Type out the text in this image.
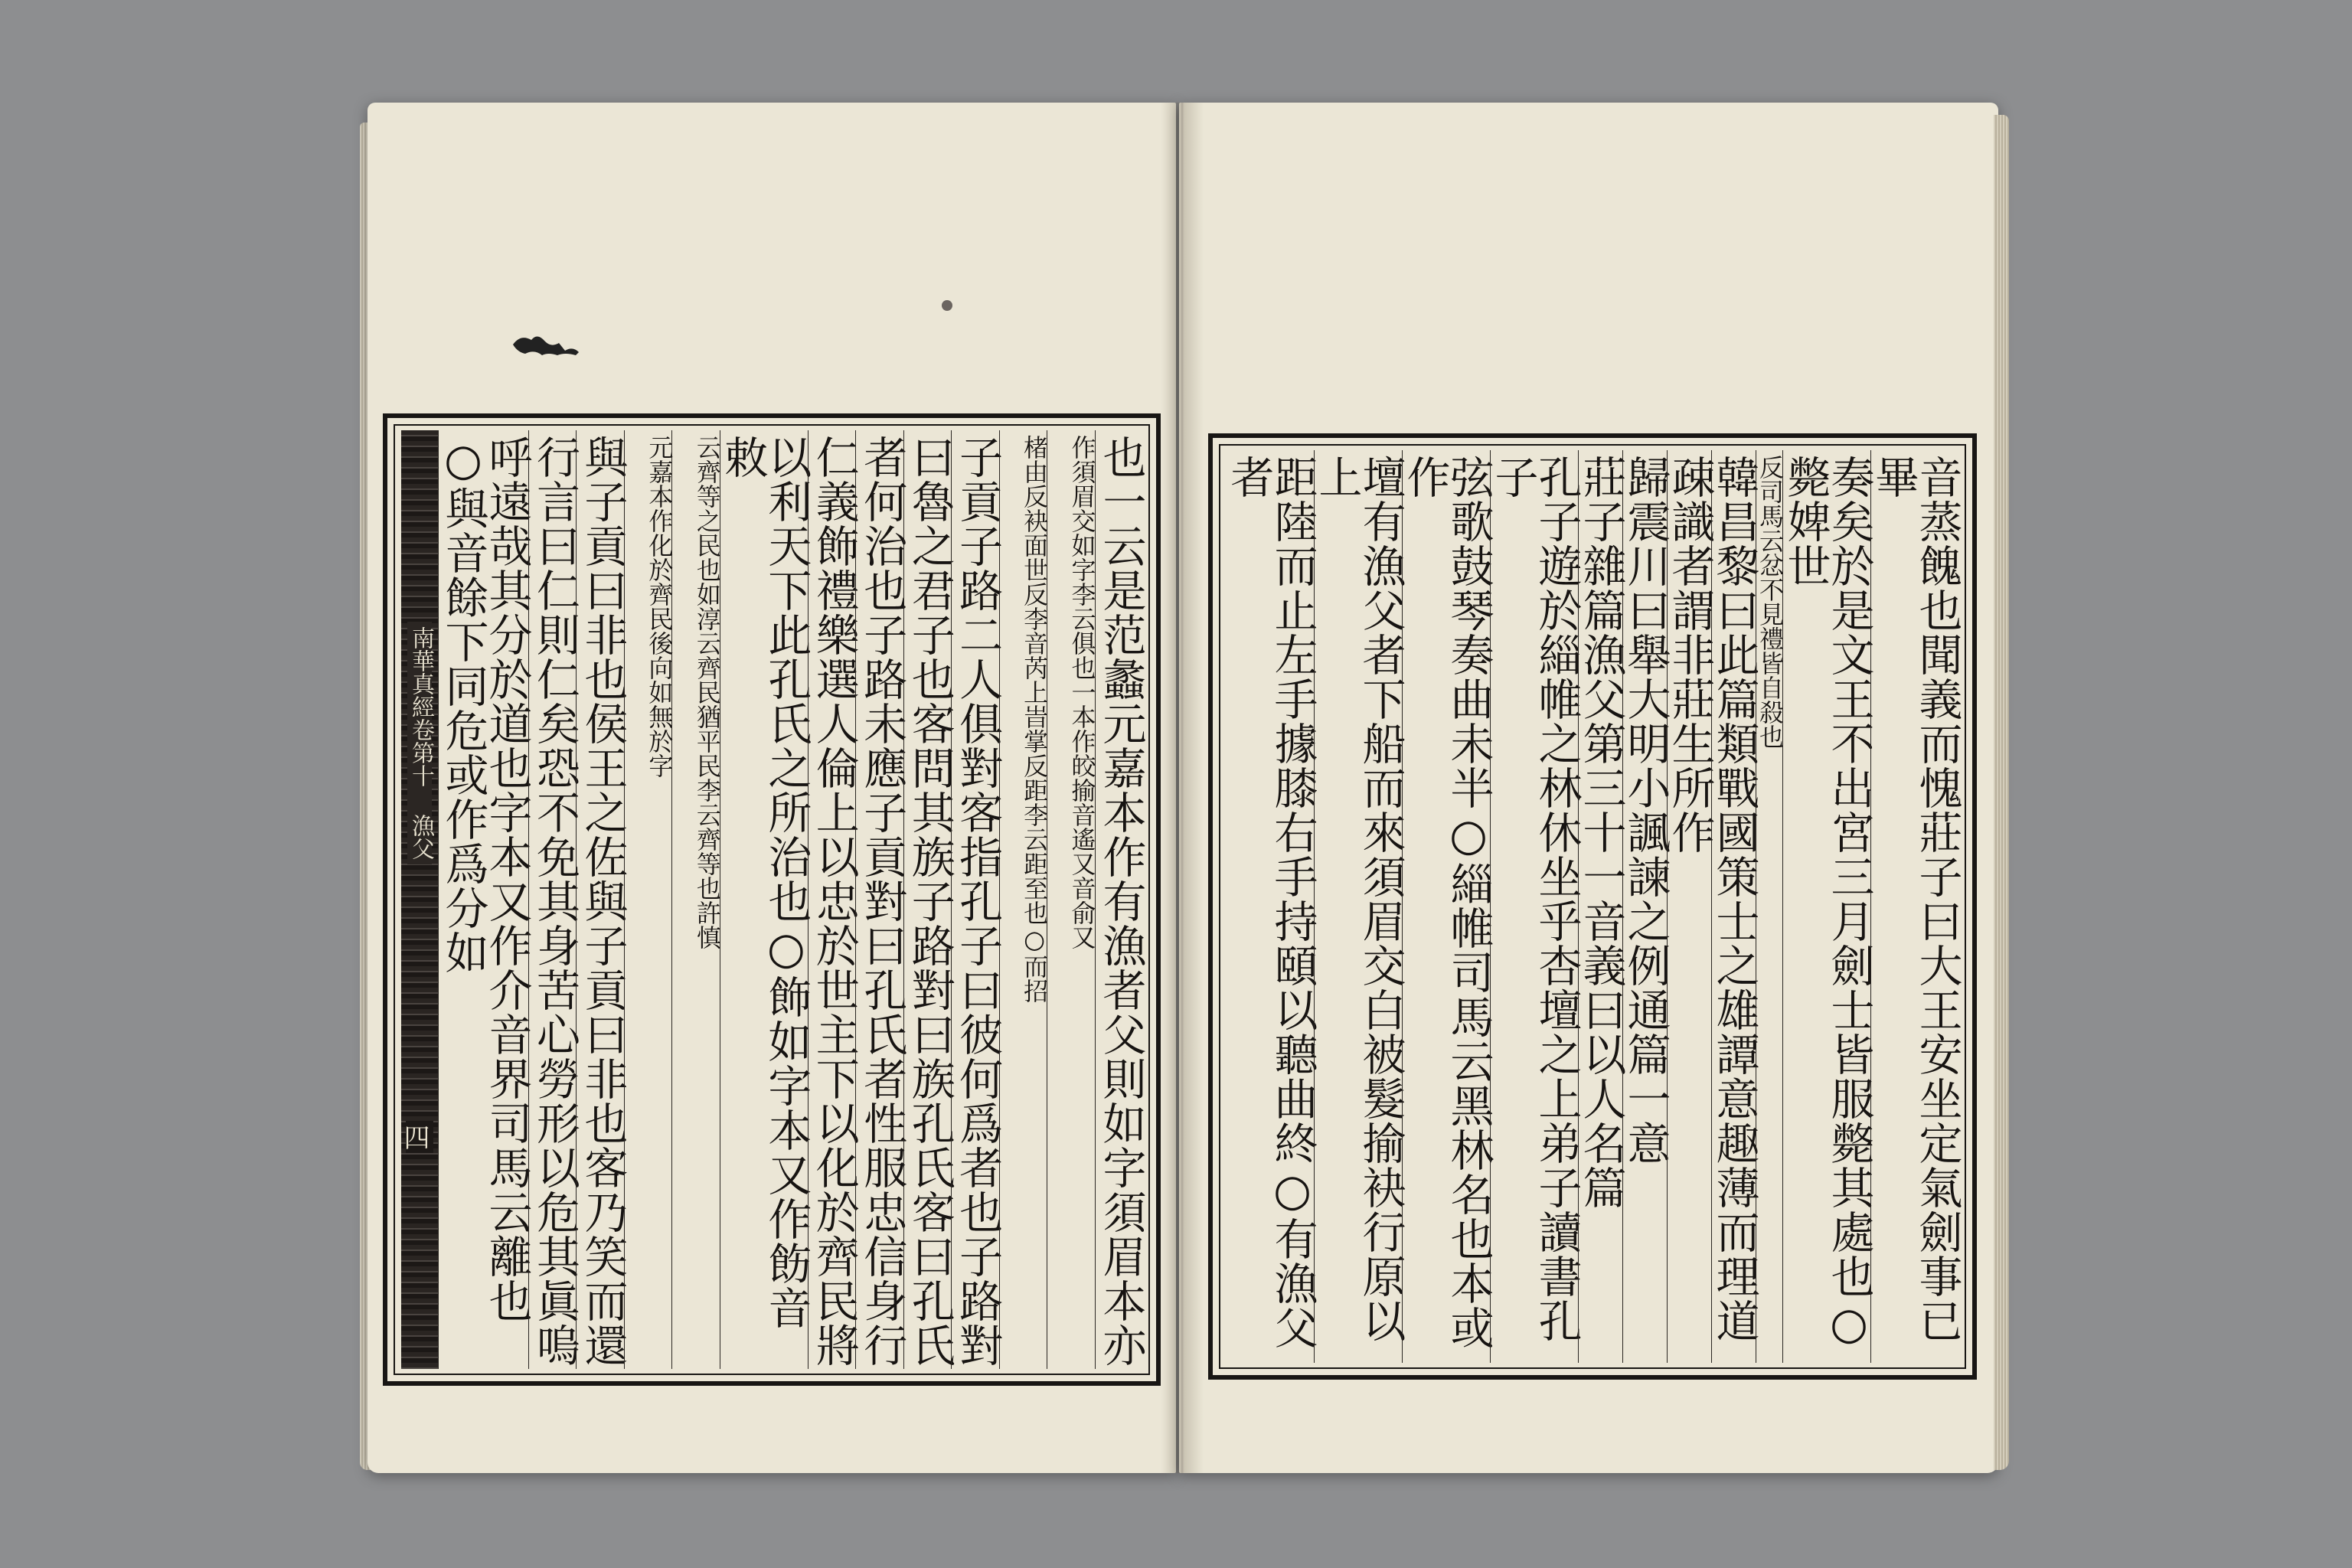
南華真經卷第十 漁父
四	也一云是范蠡元嘉本作有漁者父則如字須眉本亦
作須眉交如字李云俱也一本作皎揄音遙又音俞又
楮由反袂面世反李音芮上旹掌反距李云距至也○而招
子貢子路二人俱對客指孔子曰彼何爲者也子路對
曰魯之君子也客問其族子路對曰族孔氏客曰孔氏
者何治也子路未應子貢對曰孔氏者性服忠信身行
仁義飾禮樂選人倫上以忠於世主下以化於齊民將
以利天下此孔氏之所治也○飾如字本又作飭音敕
云齊等之民也如淳云齊民猶平民李云齊等也許慎
元嘉本作化於齊民後向如無於字
與子貢曰非也侯王之佐與子貢曰非也客乃笑而還
行言曰仁則仁矣恐不免其身苦心勞形以危其眞嗚
呼遠哉其分於道也字本又作介音界司馬云離也○與音餘下同危或作爲分如	音蒸餽也聞義而愧莊子曰大王安坐定氣劍事已畢
奏矣於是文王不出宮三月劍士皆服斃其處也○斃婢世
反司馬云忿不見禮皆自殺也
韓昌黎曰此篇類戰國策士之雄譚意趣薄而理道
疎識者謂非莊生所作
歸震川曰舉大明小諷諫之例通篇一意
莊子雜篇漁父第三十一音義曰以人名篇
孔子遊於緇帷之林休坐乎杏壇之上弟子讀書孔子
弦歌鼓琴奏曲未半○緇帷司馬云黑林名也本或作
壇有漁父者下船而來須眉交白被髮揄袂行原以上
距陸而止左手據膝右手持頤以聽曲終○有漁父者
